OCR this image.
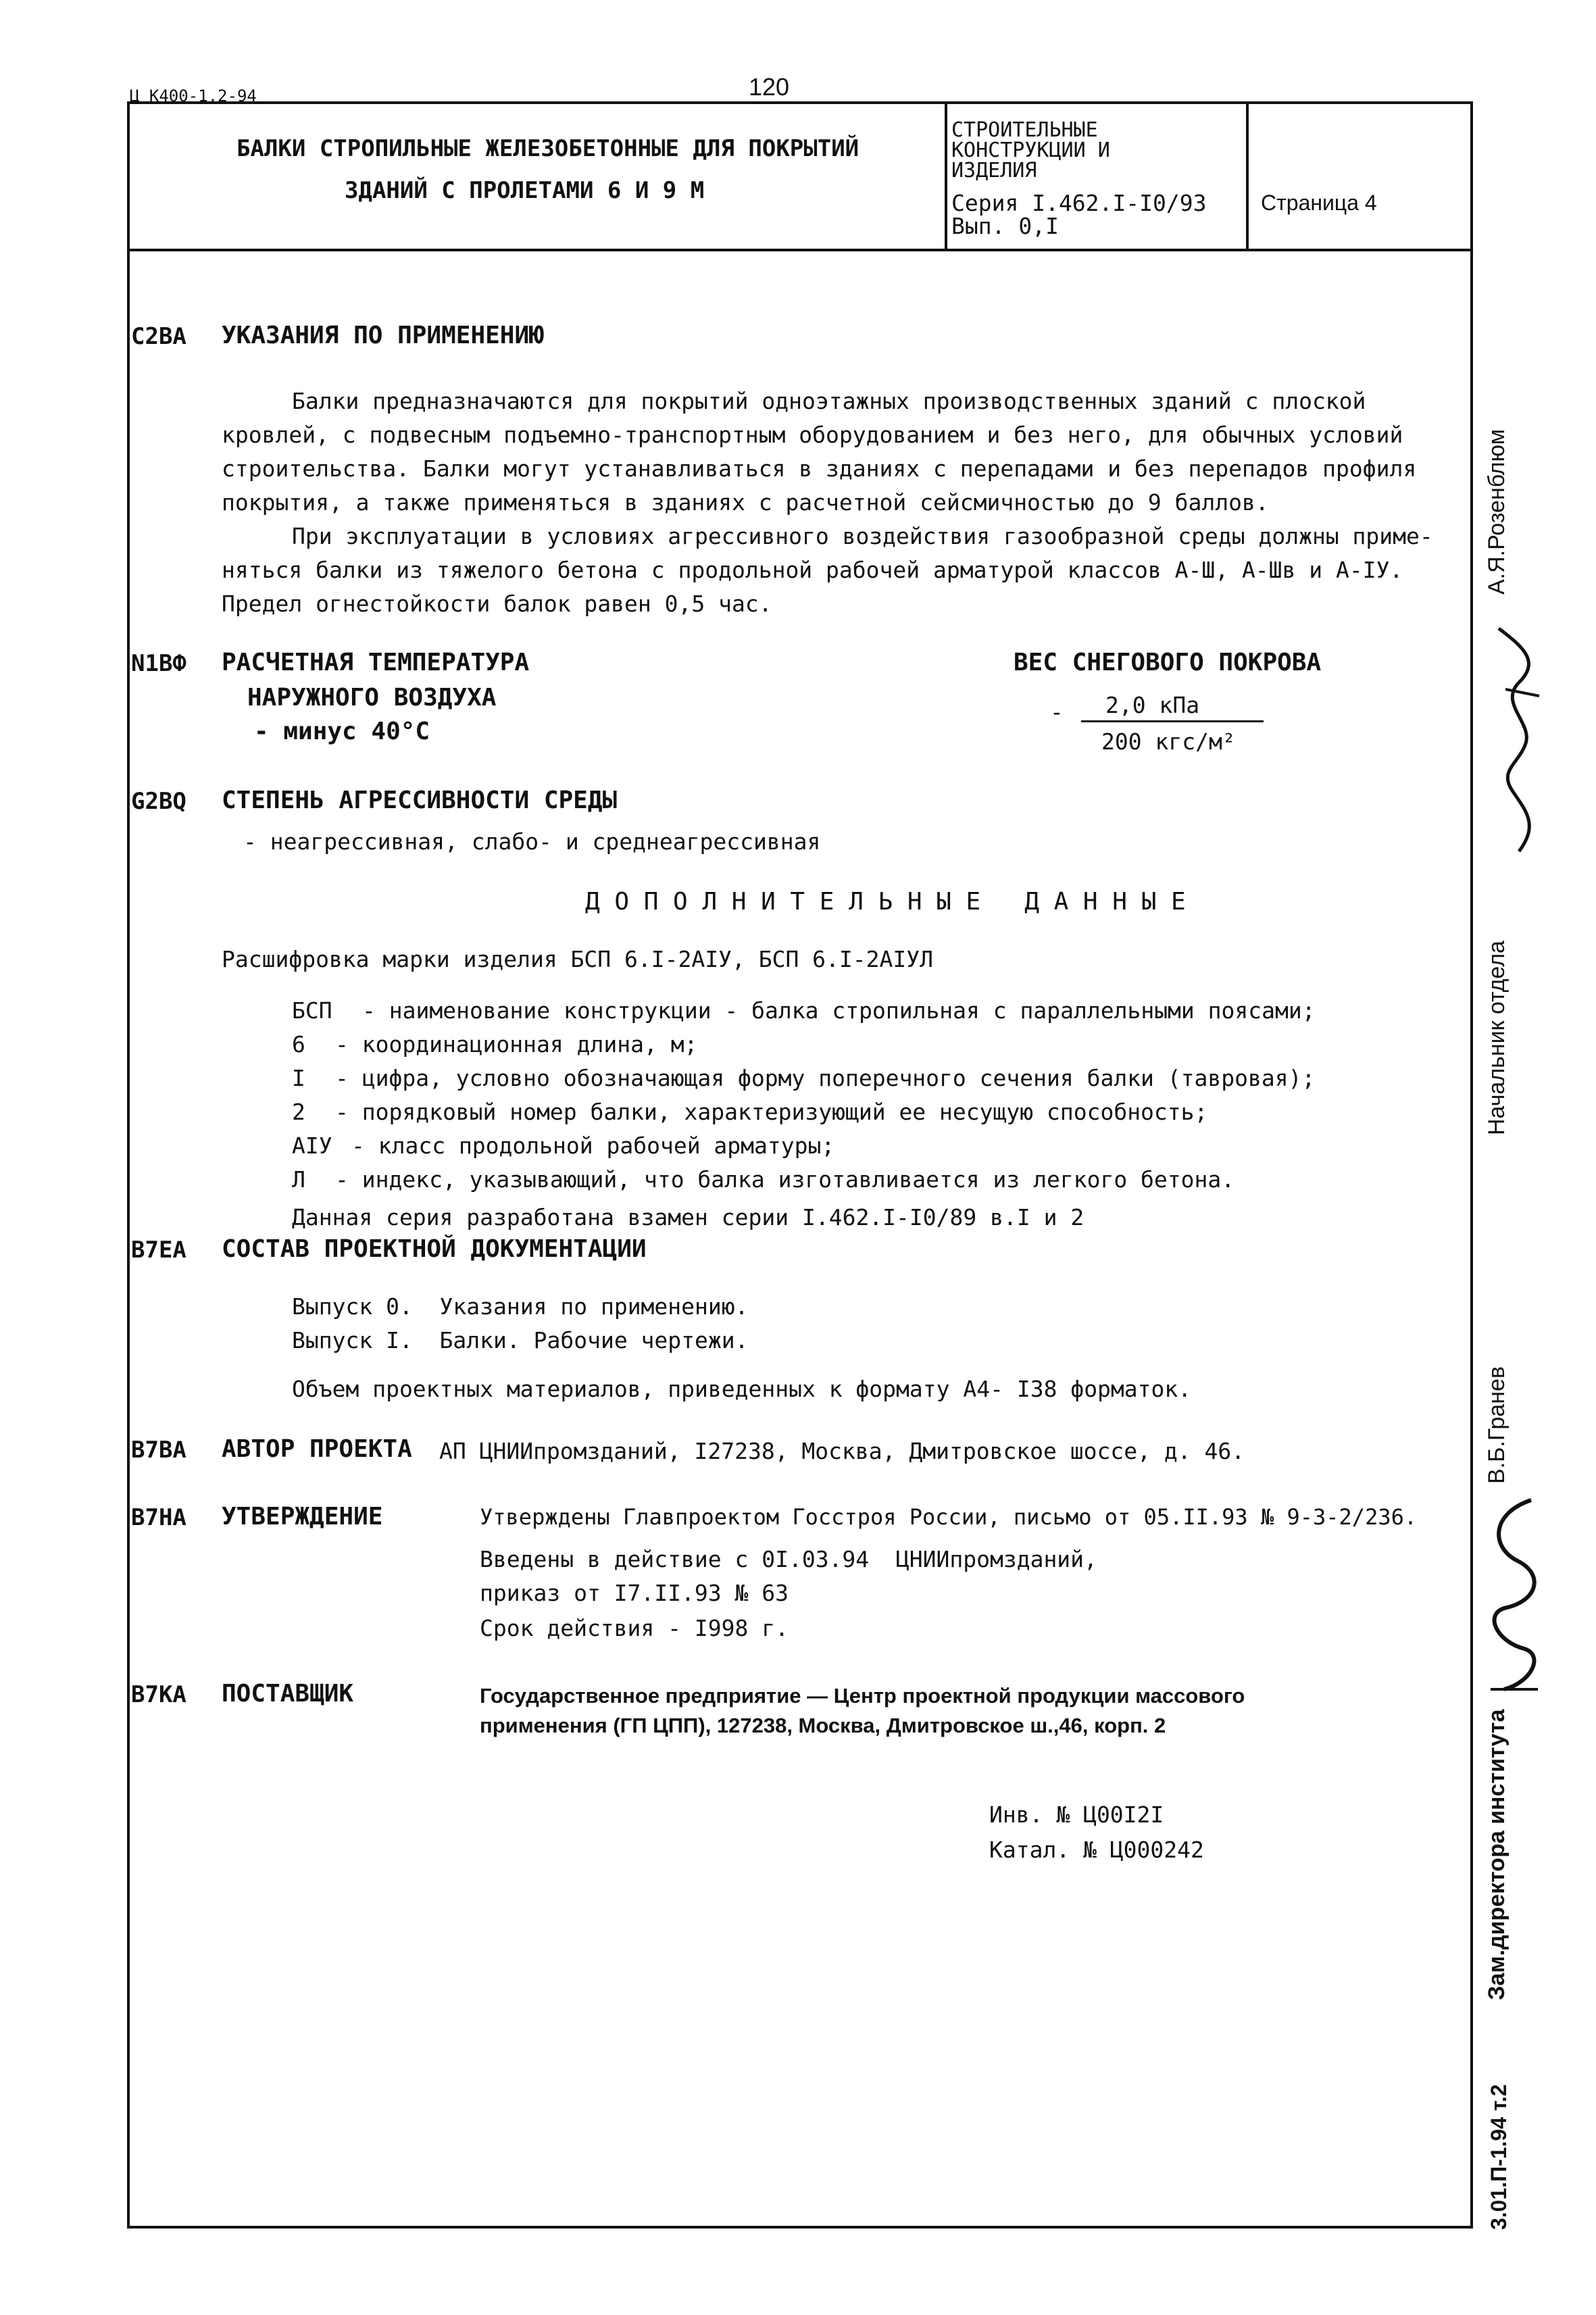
Ц К400-1,2-94	120
БАЛКИ СТРОПИЛЬНЫЕ ЖЕЛЕЗОБЕТОННЫЕ ДЛЯ ПОКРЫТИЙ
ЗДАНИЙ С ПРОЛЕТАМИ 6 И 9 М
СТРОИТЕЛЬНЫЕ
КОНСТРУКЦИИ И
ИЗДЕЛИЯ
Серия I.462.I-I0/93
Вып. 0,I
Страница 4
C2BA УКАЗАНИЯ ПО ПРИМЕНЕНИЮ
Балки предназначаются для покрытий одноэтажных производственных зданий с плоской
кровлей, с подвесным подъемно-транспортным оборудованием и без него, для обычных условий
строительства. Балки могут устанавливаться в зданиях с перепадами и без перепадов профиля
покрытия, а также применяться в зданиях с расчетной сейсмичностью до 9 баллов.
При эксплуатации в условиях агрессивного воздействия газообразной среды должны приме-
няться балки из тяжелого бетона с продольной рабочей арматурой классов А-Ш, А-Шв и А-IУ.
Предел огнестойкости балок равен 0,5 час.
N1BФ РАСЧЕТНАЯ ТЕМПЕРАТУРА
НАРУЖНОГО ВОЗДУХА
- минус 40°С
ВЕС СНЕГОВОГО ПОКРОВА
- 2,0 кПа
200 кгс/м²
G2BQ СТЕПЕНЬ АГРЕССИВНОСТИ СРЕДЫ
- неагрессивная, слабо- и среднеагрессивная
Д О П О Л Н И Т Е Л Ь Н Ы Е   Д А Н Н Ы Е
Расшифровка марки изделия БСП 6.I-2АIУ, БСП 6.I-2АIУЛ
БСП - наименование конструкции - балка стропильная с параллельными поясами;
6 - координационная длина, м;
I - цифра, условно обозначающая форму поперечного сечения балки (тавровая);
2 - порядковый номер балки, характеризующий ее несущую способность;
АIУ - класс продольной рабочей арматуры;
Л - индекс, указывающий, что балка изготавливается из легкого бетона.
Данная серия разработана взамен серии I.462.I-I0/89 в.I и 2
B7EA СОСТАВ ПРОЕКТНОЙ ДОКУМЕНТАЦИИ
Выпуск 0.  Указания по применению.
Выпуск I.  Балки. Рабочие чертежи.
Объем проектных материалов, приведенных к формату А4- I38 форматок.
B7BA АВТОР ПРОЕКТА АП ЦНИИпромзданий, I27238, Москва, Дмитровское шоссе, д. 46.
B7HA УТВЕРЖДЕНИЕ	Утверждены Главпроектом Госстроя России, письмо от 05.II.93 № 9-3-2/236.
Введены в действие с 0I.03.94  ЦНИИпромзданий,
приказ от I7.II.93 № 63
Срок действия - I998 г.
B7KA ПОСТАВЩИК	Государственное предприятие — Центр проектной продукции массового
применения (ГП ЦПП), 127238, Москва, Дмитровское ш.,46, корп. 2
Инв. № Ц00I2I
Катал. № Ц000242
А.Я.Розенблюм
Начальник отдела
В.Б.Гранев
Зам.директора института
3.01.П-1.94 т.2
